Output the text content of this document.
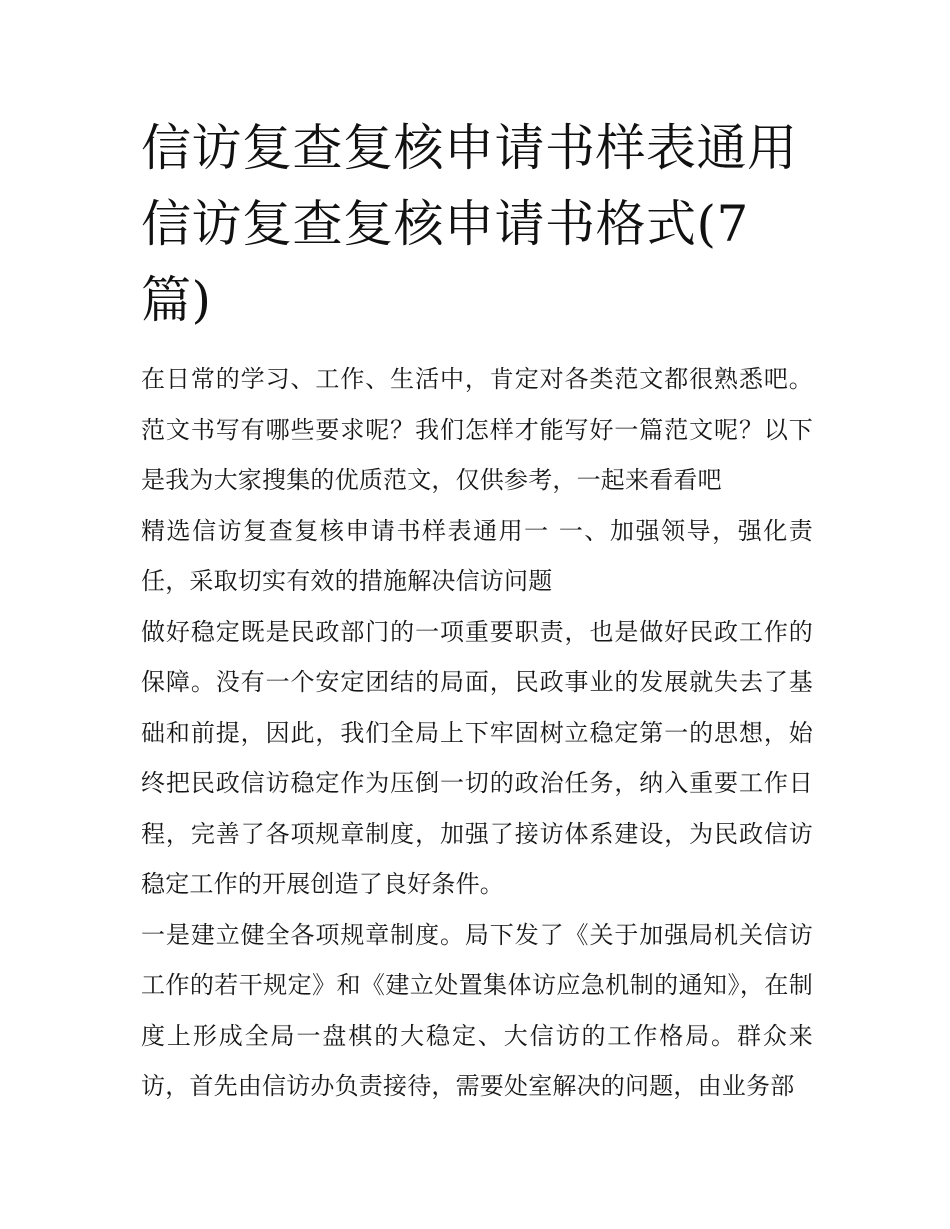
信访复查复核申请书样表通用信访复查复核申请书格式(7篇)

在日常的学习、工作、生活中，肯定对各类范文都很熟悉吧。范文书写有哪些要求呢？我们怎样才能写好一篇范文呢？以下是我为大家搜集的优质范文，仅供参考，一起来看看吧

精选信访复查复核申请书样表通用一 一、加强领导，强化责任，采取切实有效的措施解决信访问题

做好稳定既是民政部门的一项重要职责，也是做好民政工作的保障。没有一个安定团结的局面，民政事业的发展就失去了基础和前提，因此，我们全局上下牢固树立稳定第一的思想，始终把民政信访稳定作为压倒一切的政治任务，纳入重要工作日程，完善了各项规章制度，加强了接访体系建设，为民政信访稳定工作的开展创造了良好条件。

一是建立健全各项规章制度。局下发了《关于加强局机关信访工作的若干规定》和《建立处置集体访应急机制的通知》，在制度上形成全局一盘棋的大稳定、大信访的工作格局。群众来访，首先由信访办负责接待，需要处室解决的问题，由业务部
